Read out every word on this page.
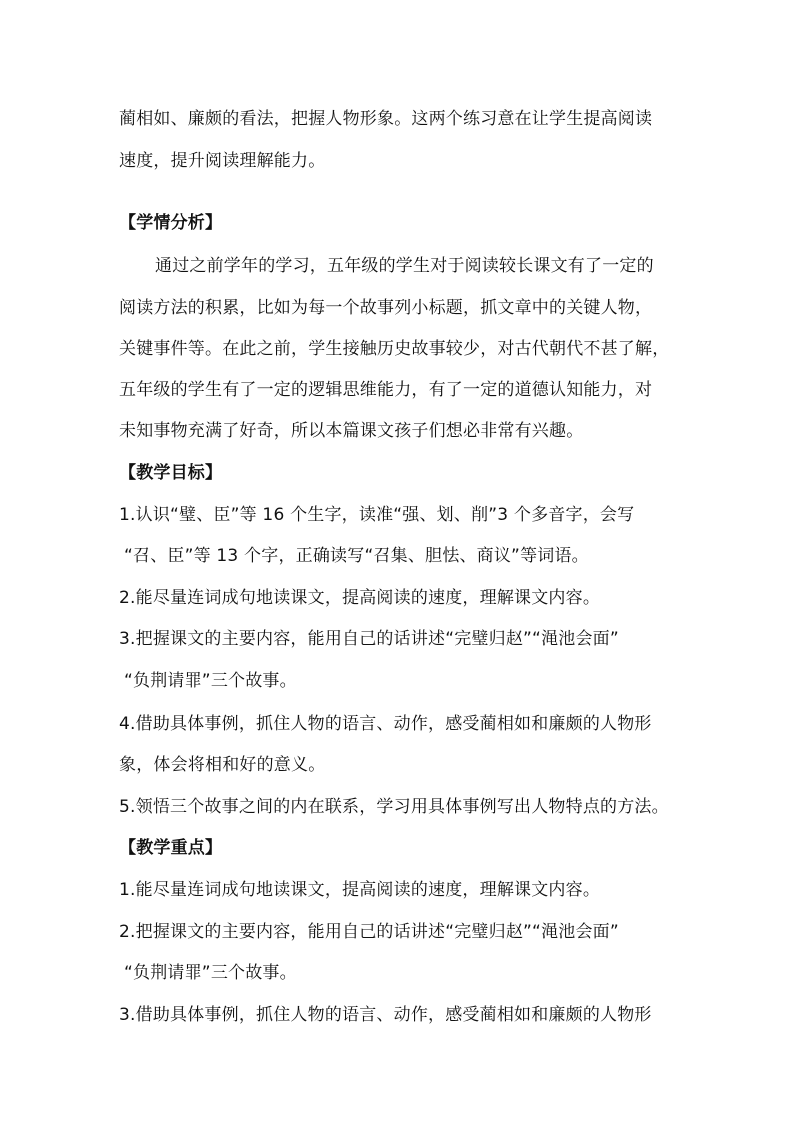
蔺相如、廉颇的看法，把握人物形象。这两个练习意在让学生提高阅读
速度，提升阅读理解能力。
【学情分析】
通过之前学年的学习，五年级的学生对于阅读较长课文有了一定的
阅读方法的积累，比如为每一个故事列小标题，抓文章中的关键人物，
关键事件等。在此之前，学生接触历史故事较少，对古代朝代不甚了解，
五年级的学生有了一定的逻辑思维能力，有了一定的道德认知能力，对
未知事物充满了好奇，所以本篇课文孩子们想必非常有兴趣。
【教学目标】
1.认识“璧、臣”等 16 个生字，读准“强、划、削”3 个多音字，会写
“召、臣”等 13 个字，正确读写“召集、胆怯、商议”等词语。
2.能尽量连词成句地读课文，提高阅读的速度，理解课文内容。
3.把握课文的主要内容，能用自己的话讲述“完璧归赵”“渑池会面”
“负荆请罪”三个故事。
4.借助具体事例，抓住人物的语言、动作，感受蔺相如和廉颇的人物形
象，体会将相和好的意义。
5.领悟三个故事之间的内在联系，学习用具体事例写出人物特点的方法。
【教学重点】
1.能尽量连词成句地读课文，提高阅读的速度，理解课文内容。
2.把握课文的主要内容，能用自己的话讲述“完璧归赵”“渑池会面”
“负荆请罪”三个故事。
3.借助具体事例，抓住人物的语言、动作，感受蔺相如和廉颇的人物形
